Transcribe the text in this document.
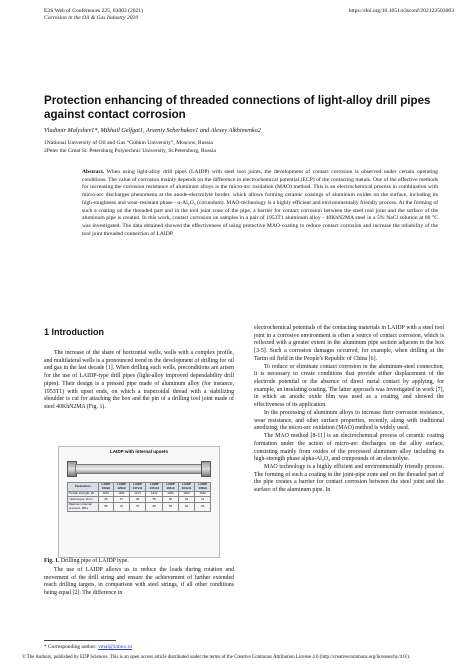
E3S Web of Conferences 225, 03003 (2021)
Corrosion in the Oil & Gas Industry 2020
https://doi.org/10.1051/e3sconf/202122503003
Protection enhancing of threaded connections of light-alloy drill pipes against contact corrosion
Vladimir Malyshev1*, Mikhail Gelfgat1, Arseniy Scherbakov1 and Alexey Alkhimenko2
1National University of Oil and Gas “Gubkin University”, Moscow, Russia
2Peter the Great St. Petersburg Polytechnic University, St.Petersburg, Russia
Abstract. When using light-alloy drill pipes (LAIDP) with steel tool joints, the development of contact corrosion is observed under certain operating conditions. The value of corrosion mainly depends on the difference in electrochemical potential (ECP) of the contacting metals. One of the effective methods for increasing the corrosion resistance of aluminum alloys is the micro-arc oxidation (MAO) method. This is an electrochemical process in combination with micro-arc discharges phenomena at the anode-electrolyte border, which allows forming ceramic coatings of aluminum oxides on the surface, including its high-toughness and wear-resistant phase - α-Al₂O₃ (corundum). MAO-technology is a highly efficient and environmentally friendly process. At the forming of such a coating on the threaded part and in the tool joint zone of the pipe, a barrier for contact corrosion between the steel tool joint and the surface of the aluminum pipe is created. In this work, contact corrosion on samples in a pair of 1953T1 aluminum alloy - 40KhN2MA steel in a 5% NaCl solution at 80 °C was investigated. The data obtained showed the effectiveness of using protective MAO-coating to reduce contact corrosion and increase the reliability of the tool joint threaded connection of LAIDP.
1 Introduction

The increase of the share of horizontal wells, wells with a complex profile, and multilateral wells is a pronounced trend in the development of drilling for oil and gas in the last decade [1]. When drilling such wells, preconditions are arisen for the use of LAIDP-type drill pipes (light-alloy improved dependability drill pipes). Their design is a pressed pipe made of aluminum alloy (for instance, 1953T1) with upset ends, on which a trapezoidal thread with a stabilizing shoulder is cut for attaching the box and the pin of a drilling tool joint made of steel 40KhN2MA (Fig. 1).

LAIDP with internal upsets
Parameters	LAIDP 103x9	LAIDP 129x9	LAIDP 147x11	LAIDP 147x13	LAIDP 164x9	LAIDP 164x11	LAIDP 168x9
Tensile strength, kN	1051	1184	1474	1622	1460	1663	1542
Yield torque, kN·m	25	37	48	55	56	63	61
Maximum internal pressure, MPa	85	70	75	88	55	63	56
Fig. 1. Drilling pipe of LAIDP type.

The use of LAIDP allows us to reduce the loads during rotation and movement of the drill string and ensure the achievement of farther extended reach drilling targets, in comparison with steel strings, if all other conditions being equal [2]. The difference in

electrochemical potentials of the contacting materials in LAIDP with a steel tool joint in a corrosive environment is often a source of contact corrosion, which is reflected with a greater extent in the aluminum pipe section adjacent to the box [3-5]. Such a corrosion damages occurred, for example, when drilling at the Tarim oil field in the People's Republic of China [6].

To reduce or eliminate contact corrosion in the aluminum-steel connection, it is necessary to create conditions that provide either displacement of the electrode potential or the absence of direct metal contact by applying, for example, an insulating coating. The latter approach was investigated in work [7], in which an anodic oxide film was used as a coating, and showed the effectiveness of its application.

In the processing of aluminum alloys to increase their corrosion resistance, wear resistance, and other surface properties, recently, along with traditional anodizing, the micro-arc oxidation (MAO) method is widely used.

The MAO method [8-11] is an electrochemical process of ceramic coating formation under the action of micro-arc discharges on the alloy surface, consisting mainly from oxides of the processed aluminum alloy including its high-strength phase alpha-Al₂O₃ and compounds of an electrolyte.

MAO technology is a highly efficient and environmentally friendly process. The forming of such a coating in the joint-pipe zone and on the threaded part of the pipe creates a barrier for contact corrosion between the steel joint and the surface of the aluminum pipe. In

* Corresponding author: vmal@inbox.ru
© The Authors, published by EDP Sciences. This is an open access article distributed under the terms of the Creative Commons Attribution License 4.0 (http://creativecommons.org/licenses/by/4.0/).
